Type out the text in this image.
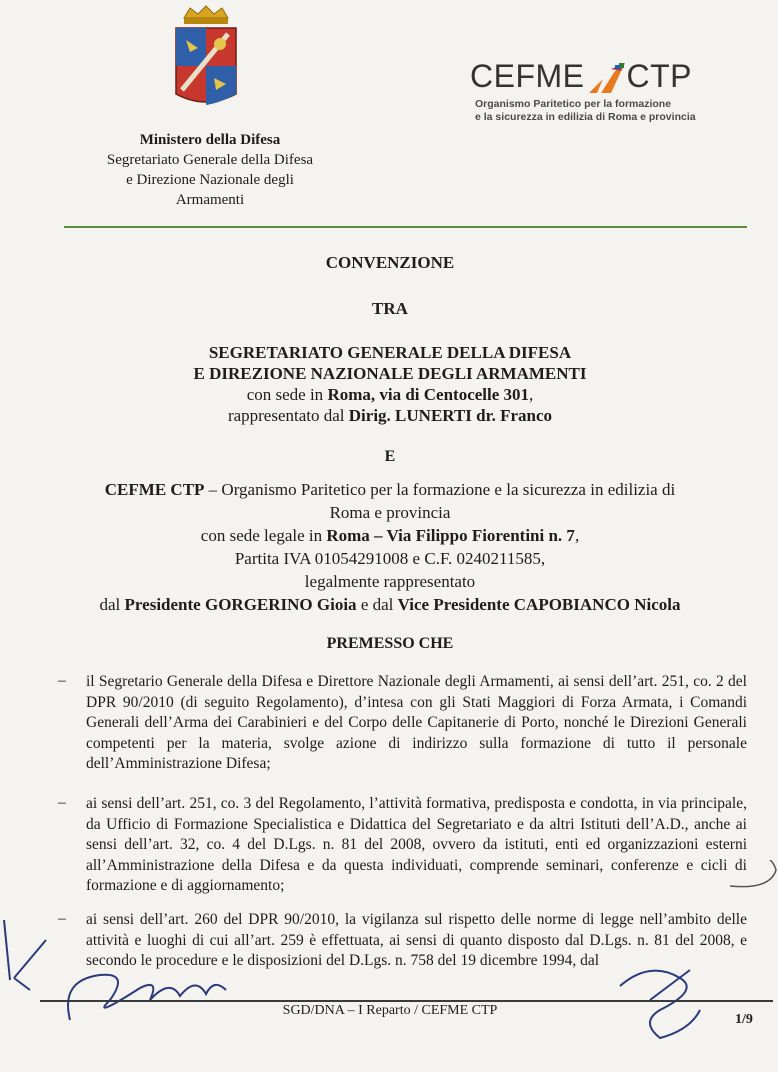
Ministero della Difesa
Segretariato Generale della Difesa
e Direzione Nazionale degli
Armamenti
CEFME CTP
Organismo Paritetico per la formazione
e la sicurezza in edilizia di Roma e provincia
CONVENZIONE
TRA
SEGRETARIATO GENERALE DELLA DIFESA
E DIREZIONE NAZIONALE DEGLI ARMAMENTI
con sede in Roma, via di Centocelle 301,
rappresentato dal Dirig. LUNERTI dr. Franco
E
CEFME CTP – Organismo Paritetico per la formazione e la sicurezza in edilizia di
Roma e provincia
con sede legale in Roma – Via Filippo Fiorentini n. 7,
Partita IVA 01054291008 e C.F. 0240211585,
legalmente rappresentato
dal Presidente GORGERINO Gioia e dal Vice Presidente CAPOBIANCO Nicola
PREMESSO CHE
– il Segretario Generale della Difesa e Direttore Nazionale degli Armamenti, ai sensi dell’art. 251, co. 2 del DPR 90/2010 (di seguito Regolamento), d’intesa con gli Stati Maggiori di Forza Armata, i Comandi Generali dell’Arma dei Carabinieri e del Corpo delle Capitanerie di Porto, nonché le Direzioni Generali competenti per la materia, svolge azione di indirizzo sulla formazione di tutto il personale dell’Amministrazione Difesa;
– ai sensi dell’art. 251, co. 3 del Regolamento, l’attività formativa, predisposta e condotta, in via principale, da Ufficio di Formazione Specialistica e Didattica del Segretariato e da altri Istituti dell’A.D., anche ai sensi dell’art. 32, co. 4 del D.Lgs. n. 81 del 2008, ovvero da istituti, enti ed organizzazioni esterni all’Amministrazione della Difesa e da questa individuati, comprende seminari, conferenze e cicli di formazione e di aggiornamento;
– ai sensi dell’art. 260 del DPR 90/2010, la vigilanza sul rispetto delle norme di legge nell’ambito delle attività e luoghi di cui all’art. 259 è effettuata, ai sensi di quanto disposto dal D.Lgs. n. 81 del 2008, e secondo le procedure e le disposizioni del D.Lgs. n. 758 del 19 dicembre 1994, dal
SGD/DNA – I Reparto / CEFME CTP
1/9
